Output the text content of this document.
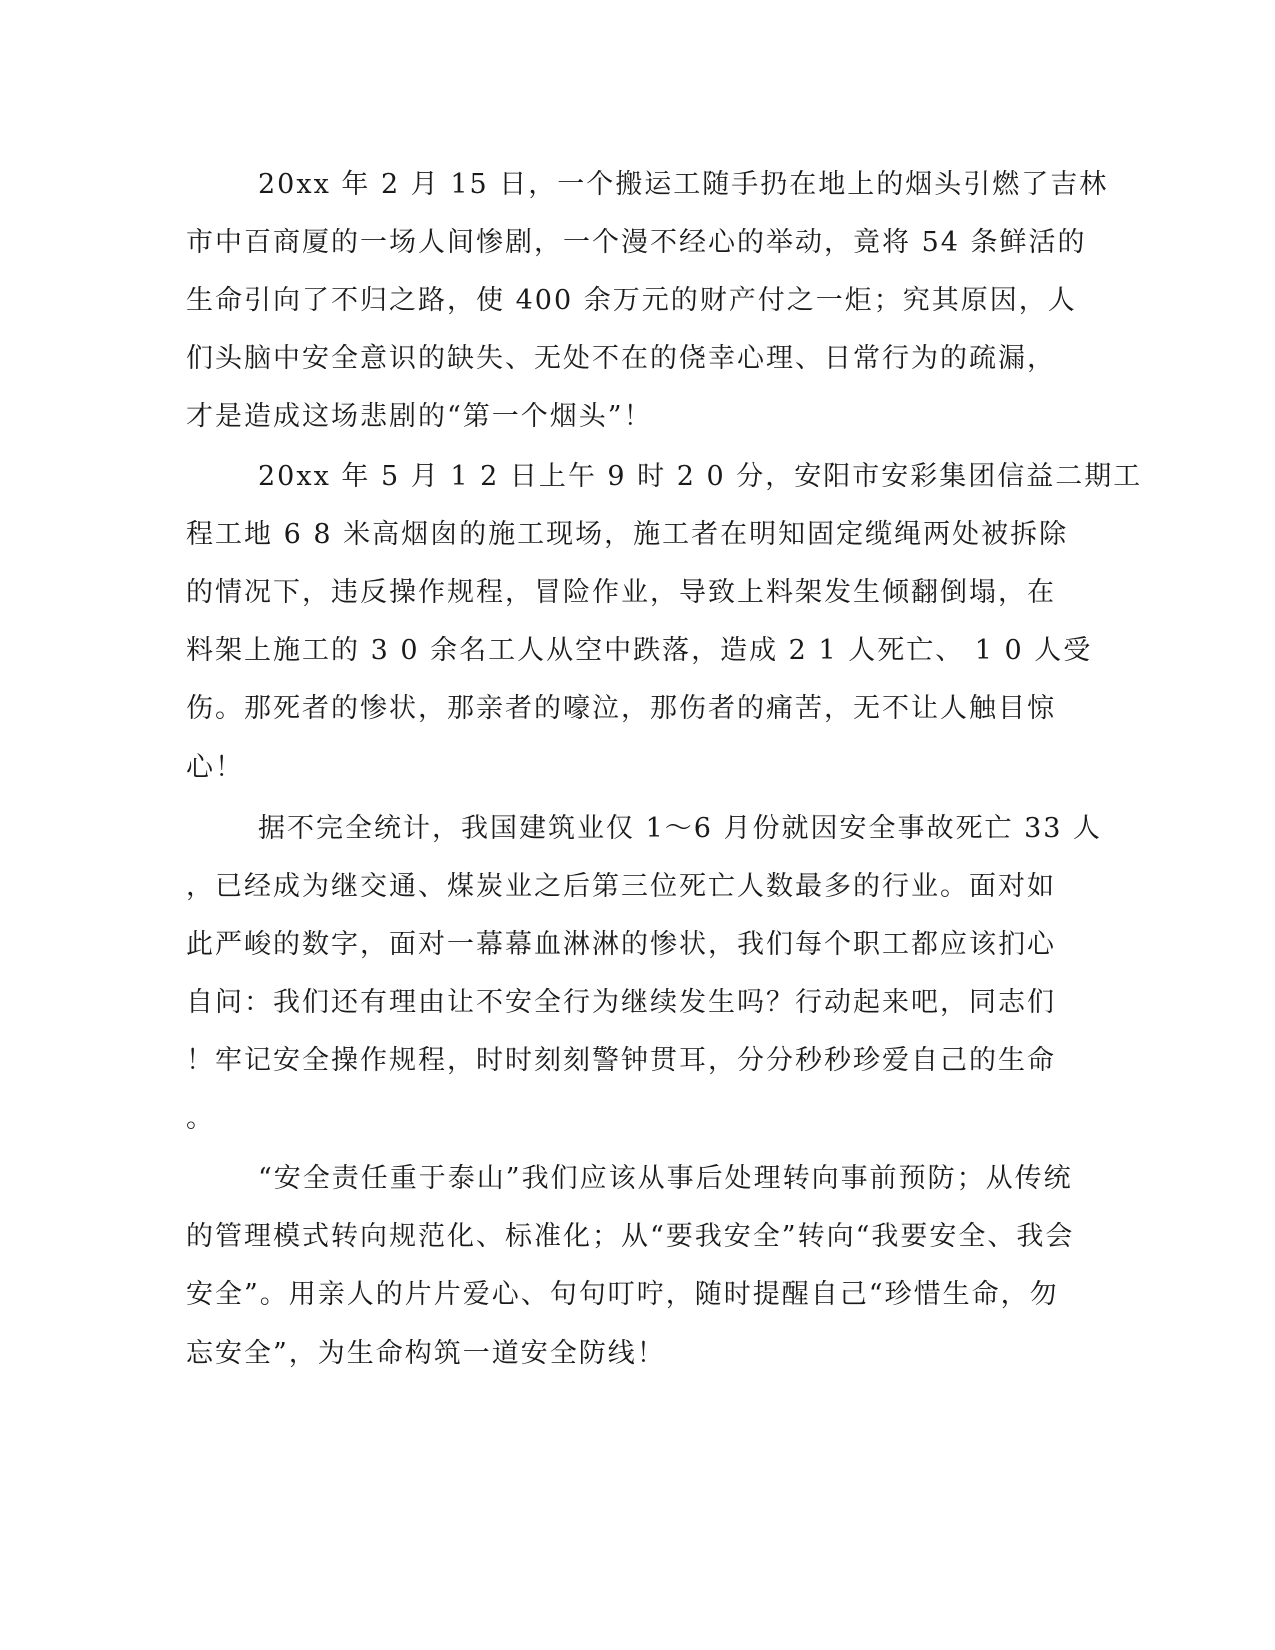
20xx 年 2 月 15 日，一个搬运工随手扔在地上的烟头引燃了吉林
市中百商厦的一场人间惨剧，一个漫不经心的举动，竟将 54 条鲜活的
生命引向了不归之路，使 400 余万元的财产付之一炬；究其原因，人
们头脑中安全意识的缺失、无处不在的侥幸心理、日常行为的疏漏，
才是造成这场悲剧的“第一个烟头”！
20xx 年 5 月 1 2 日上午 9 时 2 0 分，安阳市安彩集团信益二期工
程工地 6 8 米高烟囱的施工现场，施工者在明知固定缆绳两处被拆除
的情况下，违反操作规程，冒险作业，导致上料架发生倾翻倒塌，在
料架上施工的 3 0 余名工人从空中跌落，造成 2 1 人死亡、 1 0 人受
伤。那死者的惨状，那亲者的嚎泣，那伤者的痛苦，无不让人触目惊
心！
据不完全统计，我国建筑业仅 1～6 月份就因安全事故死亡 33 人
，已经成为继交通、煤炭业之后第三位死亡人数最多的行业。面对如
此严峻的数字，面对一幕幕血淋淋的惨状，我们每个职工都应该扪心
自问：我们还有理由让不安全行为继续发生吗？行动起来吧，同志们
！牢记安全操作规程，时时刻刻警钟贯耳，分分秒秒珍爱自己的生命
。
“安全责任重于泰山”我们应该从事后处理转向事前预防；从传统
的管理模式转向规范化、标准化；从“要我安全”转向“我要安全、我会
安全”。用亲人的片片爱心、句句叮咛，随时提醒自己“珍惜生命，勿
忘安全”，为生命构筑一道安全防线！
